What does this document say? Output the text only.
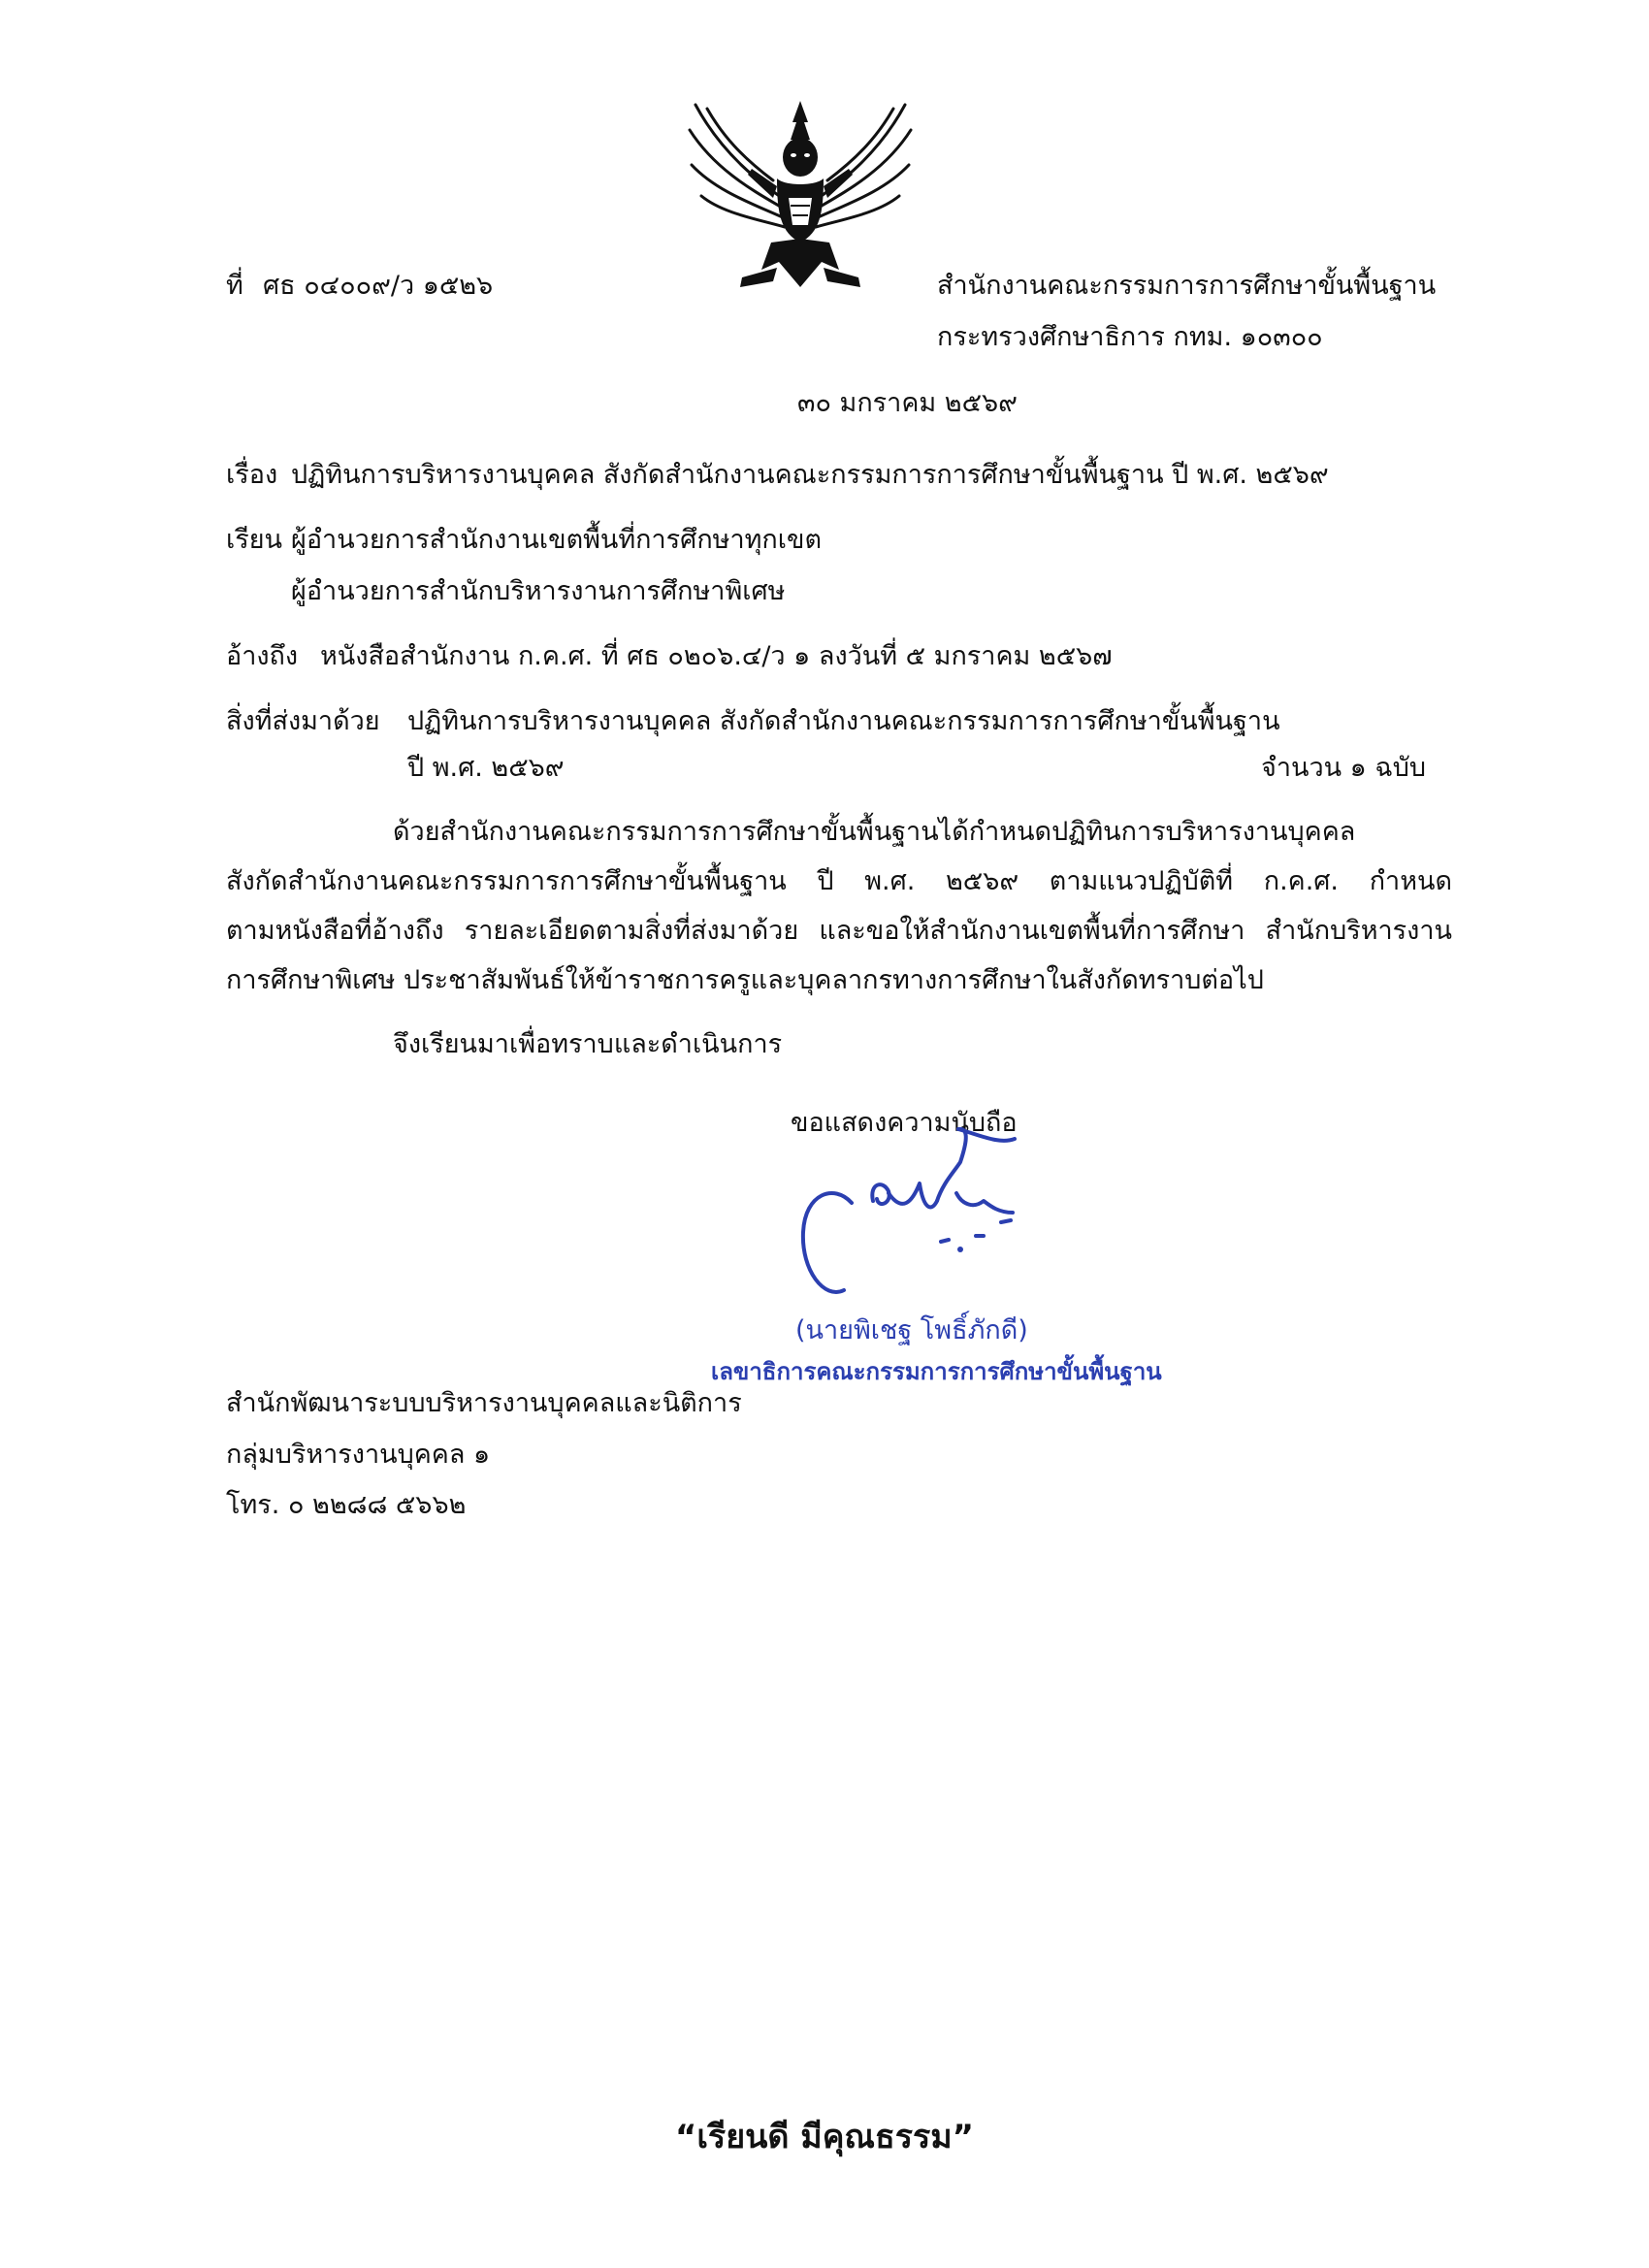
ที่ ศธ ๐๔๐๐๙/ว ๑๕๒๖	สำนักงานคณะกรรมการการศึกษาขั้นพื้นฐาน
กระทรวงศึกษาธิการ กทม. ๑๐๓๐๐
๓๐ มกราคม ๒๕๖๙
เรื่อง ปฏิทินการบริหารงานบุคคล สังกัดสำนักงานคณะกรรมการการศึกษาขั้นพื้นฐาน ปี พ.ศ. ๒๕๖๙
เรียน ผู้อำนวยการสำนักงานเขตพื้นที่การศึกษาทุกเขต
ผู้อำนวยการสำนักบริหารงานการศึกษาพิเศษ
อ้างถึง หนังสือสำนักงาน ก.ค.ศ. ที่ ศธ ๐๒๐๖.๔/ว ๑ ลงวันที่ ๕ มกราคม ๒๕๖๗
สิ่งที่ส่งมาด้วย ปฏิทินการบริหารงานบุคคล สังกัดสำนักงานคณะกรรมการการศึกษาขั้นพื้นฐาน
ปี พ.ศ. ๒๕๖๙	จำนวน ๑ ฉบับ
ด้วยสำนักงานคณะกรรมการการศึกษาขั้นพื้นฐานได้กำหนดปฏิทินการบริหารงานบุคคล
สังกัดสำนักงานคณะกรรมการการศึกษาขั้นพื้นฐาน ปี พ.ศ. ๒๕๖๙ ตามแนวปฏิบัติที่ ก.ค.ศ. กำหนด
ตามหนังสือที่อ้างถึง รายละเอียดตามสิ่งที่ส่งมาด้วย และขอให้สำนักงานเขตพื้นที่การศึกษา สำนักบริหารงาน
การศึกษาพิเศษ ประชาสัมพันธ์ให้ข้าราชการครูและบุคลากรทางการศึกษาในสังกัดทราบต่อไป
จึงเรียนมาเพื่อทราบและดำเนินการ
ขอแสดงความนับถือ
(นายพิเชฐ โพธิ์ภักดี)
เลขาธิการคณะกรรมการการศึกษาขั้นพื้นฐาน
สำนักพัฒนาระบบบริหารงานบุคคลและนิติการ
กลุ่มบริหารงานบุคคล ๑
โทร. ๐ ๒๒๘๘ ๕๖๖๒
“เรียนดี มีคุณธรรม”
